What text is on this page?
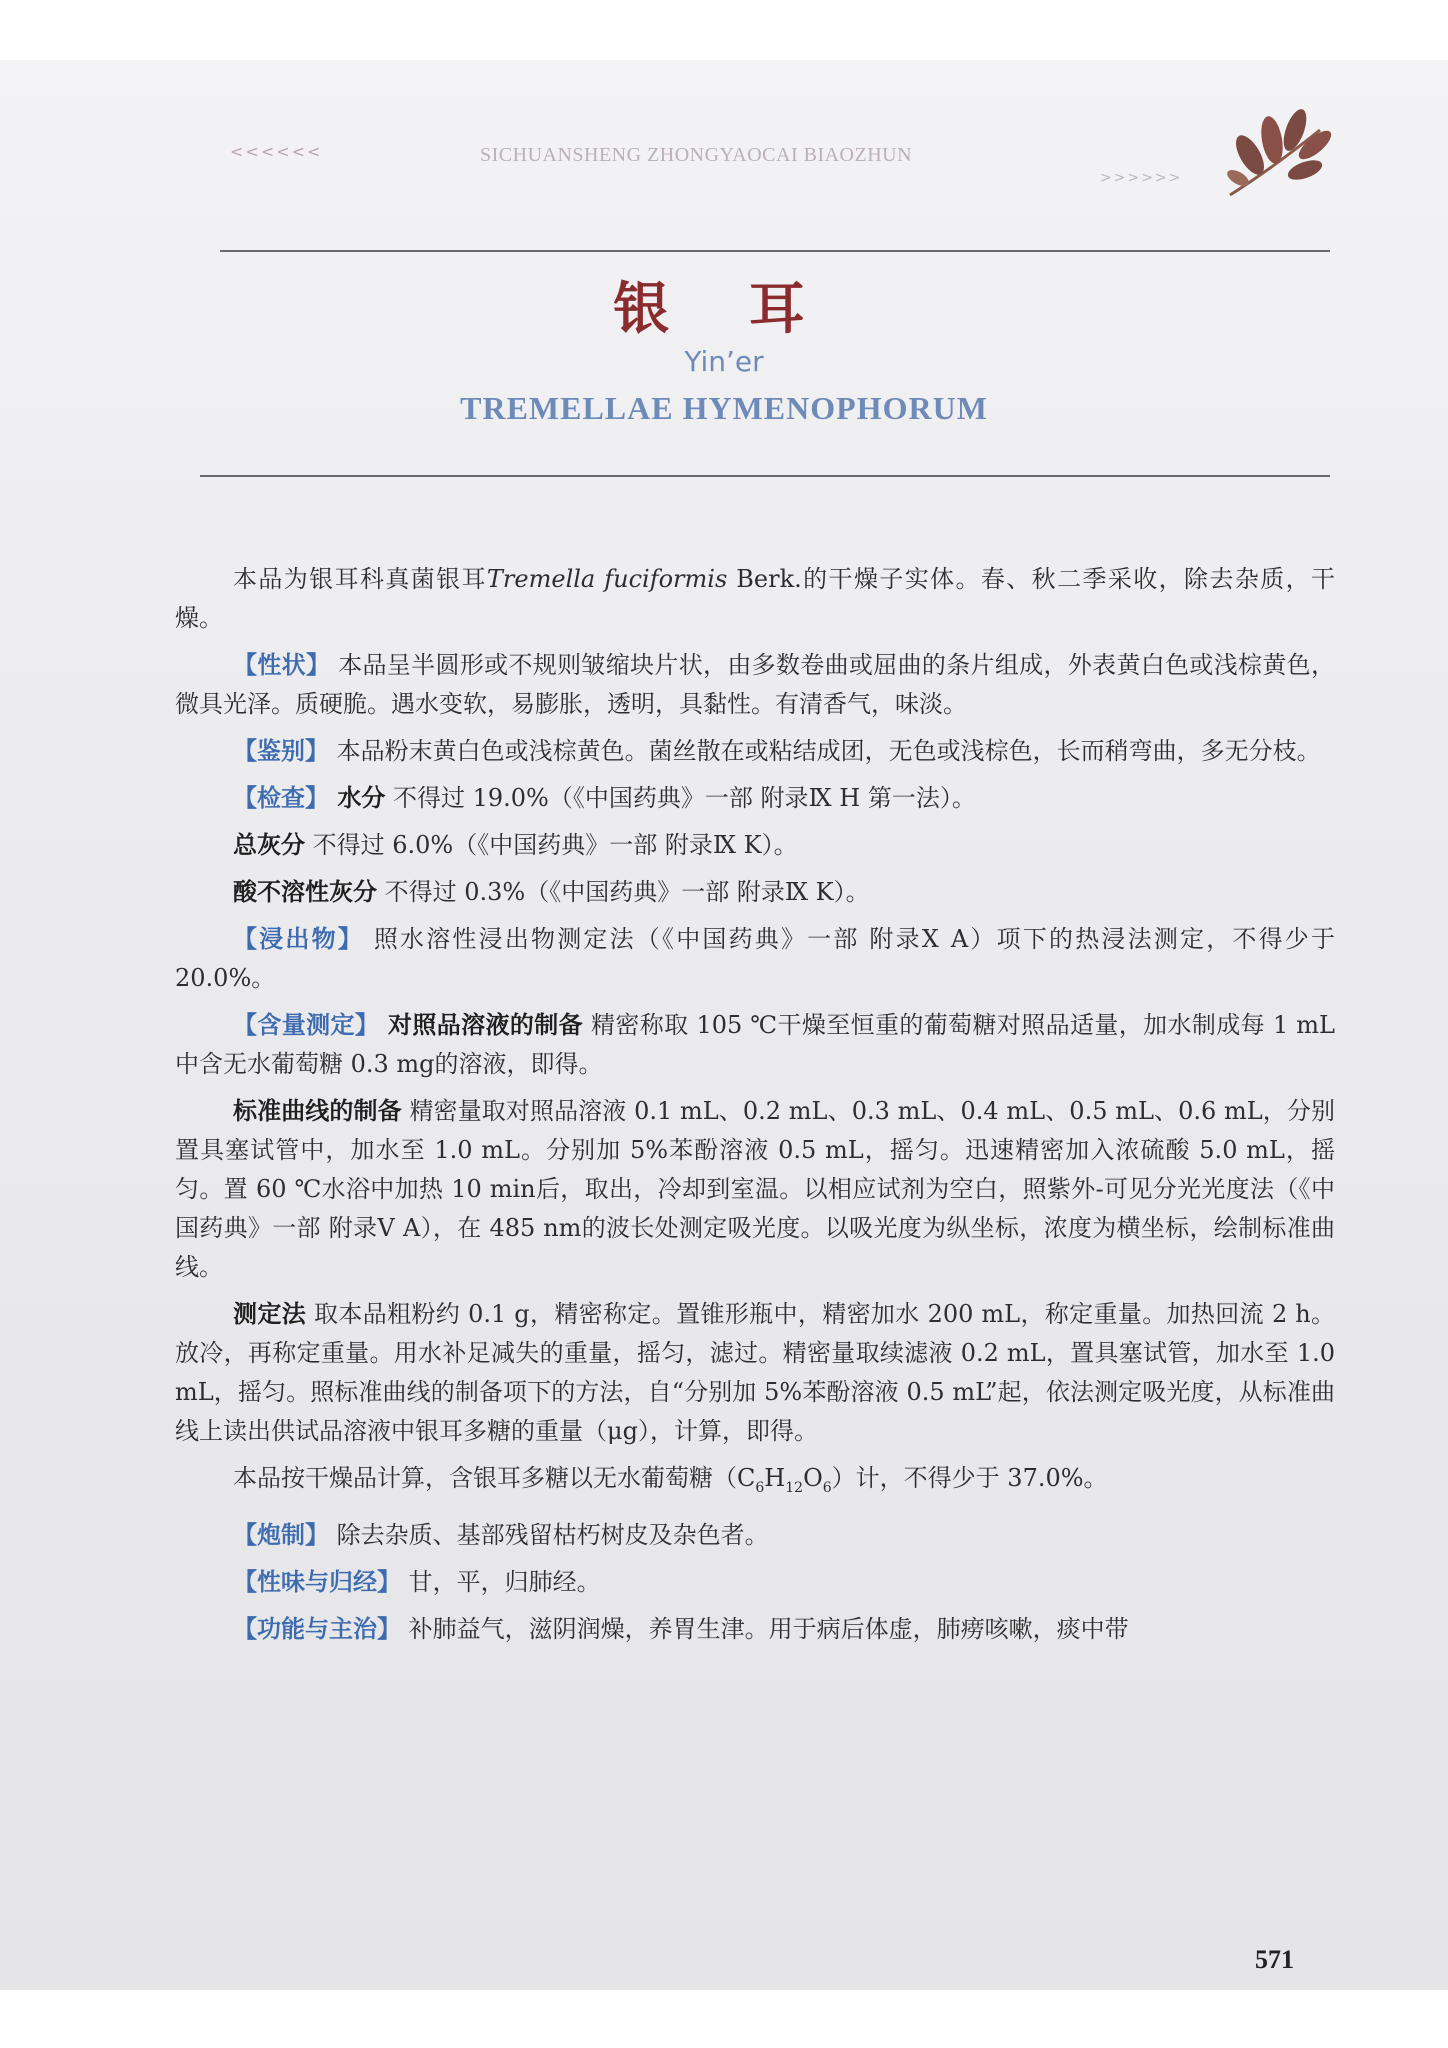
<<<<<<	SICHUANSHENG ZHONGYAOCAI BIAOZHUN
>>>>>>
银 耳
Yin’er
TREMELLAE HYMENOPHORUM

本品为银耳科真菌银耳Tremella fuciformis Berk.的干燥子实体。春、秋二季采收，除去杂质，干燥。

【性状】 本品呈半圆形或不规则皱缩块片状，由多数卷曲或屈曲的条片组成，外表黄白色或浅棕黄色，微具光泽。质硬脆。遇水变软，易膨胀，透明，具黏性。有清香气，味淡。

【鉴别】 本品粉末黄白色或浅棕黄色。菌丝散在或粘结成团，无色或浅棕色，长而稍弯曲，多无分枝。

【检查】 水分 不得过 19.0%（《中国药典》一部 附录Ⅸ H 第一法）。

总灰分 不得过 6.0%（《中国药典》一部 附录Ⅸ K）。

酸不溶性灰分 不得过 0.3%（《中国药典》一部 附录Ⅸ K）。

【浸出物】 照水溶性浸出物测定法（《中国药典》一部 附录Ⅹ A）项下的热浸法测定，不得少于 20.0%。

【含量测定】 对照品溶液的制备 精密称取 105 ℃干燥至恒重的葡萄糖对照品适量，加水制成每 1 mL中含无水葡萄糖 0.3 mg的溶液，即得。

标准曲线的制备 精密量取对照品溶液 0.1 mL、0.2 mL、0.3 mL、0.4 mL、0.5 mL、0.6 mL，分别置具塞试管中，加水至 1.0 mL。分别加 5%苯酚溶液 0.5 mL，摇匀。迅速精密加入浓硫酸 5.0 mL，摇匀。置 60 ℃水浴中加热 10 min后，取出，冷却到室温。以相应试剂为空白，照紫外-可见分光光度法（《中国药典》一部 附录Ⅴ A），在 485 nm的波长处测定吸光度。以吸光度为纵坐标，浓度为横坐标，绘制标准曲线。

测定法 取本品粗粉约 0.1 g，精密称定。置锥形瓶中，精密加水 200 mL，称定重量。加热回流 2 h。放冷，再称定重量。用水补足减失的重量，摇匀，滤过。精密量取续滤液 0.2 mL，置具塞试管，加水至 1.0 mL，摇匀。照标准曲线的制备项下的方法，自“分别加 5%苯酚溶液 0.5 mL”起，依法测定吸光度，从标准曲线上读出供试品溶液中银耳多糖的重量（μg），计算，即得。

本品按干燥品计算，含银耳多糖以无水葡萄糖$(C_6H_{12}O_6)$计，不得少于 37.0%。

【炮制】 除去杂质、基部残留枯朽树皮及杂色者。

【性味与归经】 甘，平，归肺经。

【功能与主治】 补肺益气，滋阴润燥，养胃生津。用于病后体虚，肺痨咳嗽，痰中带

571
